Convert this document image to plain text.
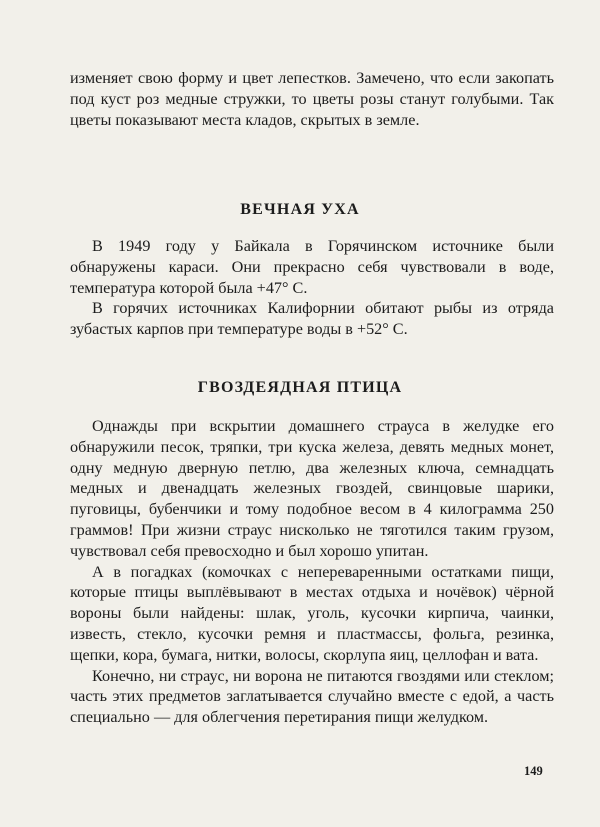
изменяет свою форму и цвет лепестков. Замечено, что если закопать под куст роз медные стружки, то цветы розы станут голубыми. Так цветы показывают места кладов, скрытых в земле.

ВЕЧНАЯ УХА

В 1949 году у Байкала в Горячинском источнике были обнаружены караси. Они прекрасно себя чувствовали в воде, температура которой была +47° С.

В горячих источниках Калифорнии обитают рыбы из отряда зубастых карпов при температуре воды в +52° С.

ГВОЗДЕЯДНАЯ ПТИЦА

Однажды при вскрытии домашнего страуса в желудке его обнаружили песок, тряпки, три куска железа, девять медных монет, одну медную дверную петлю, два железных ключа, семнадцать медных и двенадцать железных гвоздей, свинцовые шарики, пуговицы, бубенчики и тому подобное весом в 4 килограмма 250 граммов! При жизни страус нисколько не тяготился таким грузом, чувствовал себя превосходно и был хорошо упитан.

А в погадках (комочках с непереваренными остатками пищи, которые птицы выплёвывают в местах отдыха и ночёвок) чёрной вороны были найдены: шлак, уголь, кусочки кирпича, чаинки, известь, стекло, кусочки ремня и пластмассы, фольга, резинка, щепки, кора, бумага, нитки, волосы, скорлупа яиц, целлофан и вата.

Конечно, ни страус, ни ворона не питаются гвоздями или стеклом; часть этих предметов заглатывается случайно вместе с едой, а часть специально — для облегчения перетирания пищи желудком.

149
